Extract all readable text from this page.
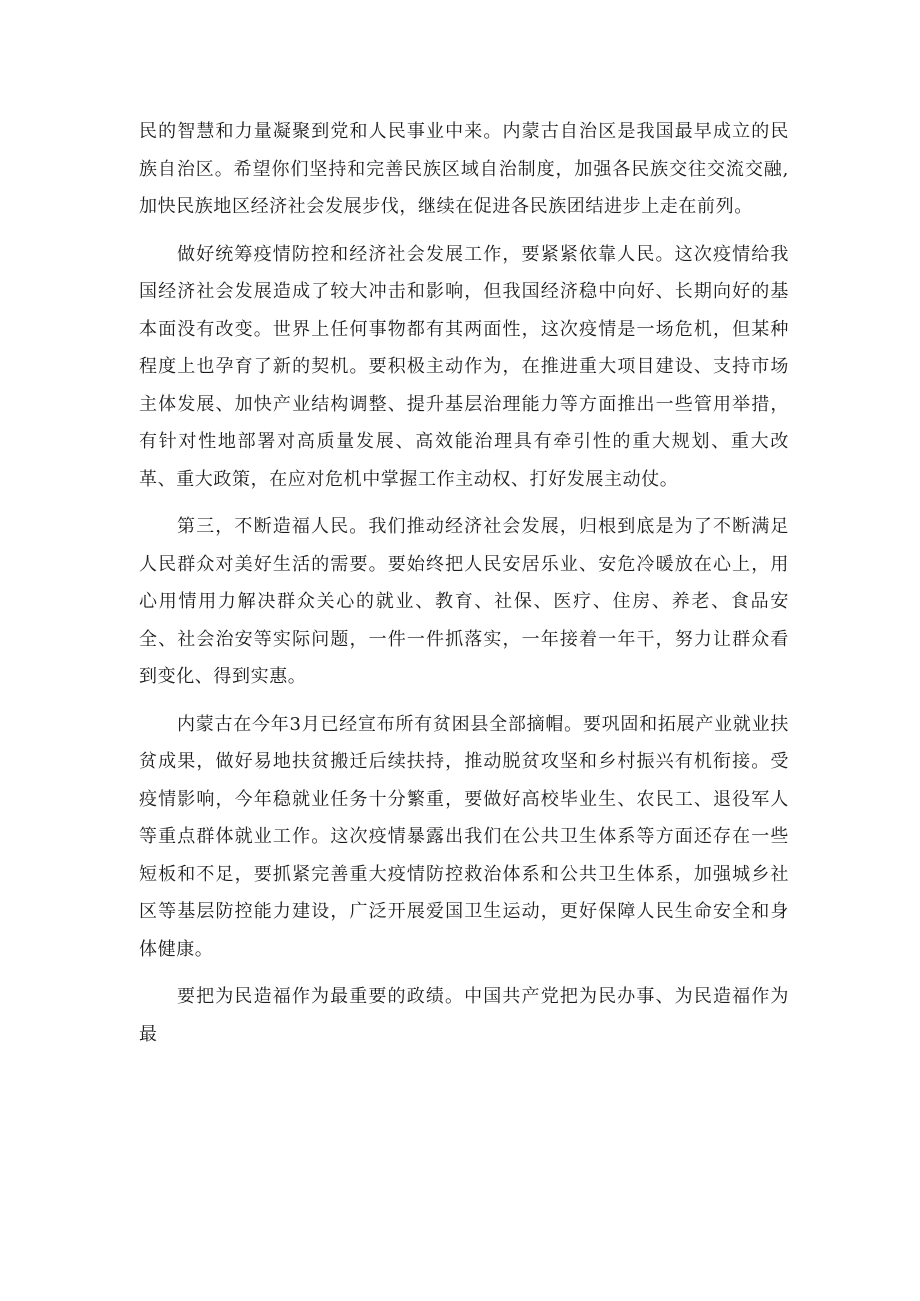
民的智慧和力量凝聚到党和人民事业中来。内蒙古自治区是我国最早成立的民族自治区。希望你们坚持和完善民族区域自治制度，加强各民族交往交流交融,加快民族地区经济社会发展步伐，继续在促进各民族团结进步上走在前列。

做好统筹疫情防控和经济社会发展工作，要紧紧依靠人民。这次疫情给我国经济社会发展造成了较大冲击和影响，但我国经济稳中向好、长期向好的基本面没有改变。世界上任何事物都有其两面性，这次疫情是一场危机，但某种程度上也孕育了新的契机。要积极主动作为，在推进重大项目建设、支持市场主体发展、加快产业结构调整、提升基层治理能力等方面推出一些管用举措，有针对性地部署对高质量发展、高效能治理具有牵引性的重大规划、重大改革、重大政策，在应对危机中掌握工作主动权、打好发展主动仗。

第三，不断造福人民。我们推动经济社会发展，归根到底是为了不断满足人民群众对美好生活的需要。要始终把人民安居乐业、安危冷暖放在心上，用心用情用力解决群众关心的就业、教育、社保、医疗、住房、养老、食品安全、社会治安等实际问题，一件一件抓落实，一年接着一年干，努力让群众看到变化、得到实惠。

内蒙古在今年3月已经宣布所有贫困县全部摘帽。要巩固和拓展产业就业扶贫成果，做好易地扶贫搬迁后续扶持，推动脱贫攻坚和乡村振兴有机衔接。受疫情影响，今年稳就业任务十分繁重，要做好高校毕业生、农民工、退役军人等重点群体就业工作。这次疫情暴露出我们在公共卫生体系等方面还存在一些短板和不足，要抓紧完善重大疫情防控救治体系和公共卫生体系，加强城乡社区等基层防控能力建设，广泛开展爱国卫生运动，更好保障人民生命安全和身体健康。

要把为民造福作为最重要的政绩。中国共产党把为民办事、为民造福作为最
